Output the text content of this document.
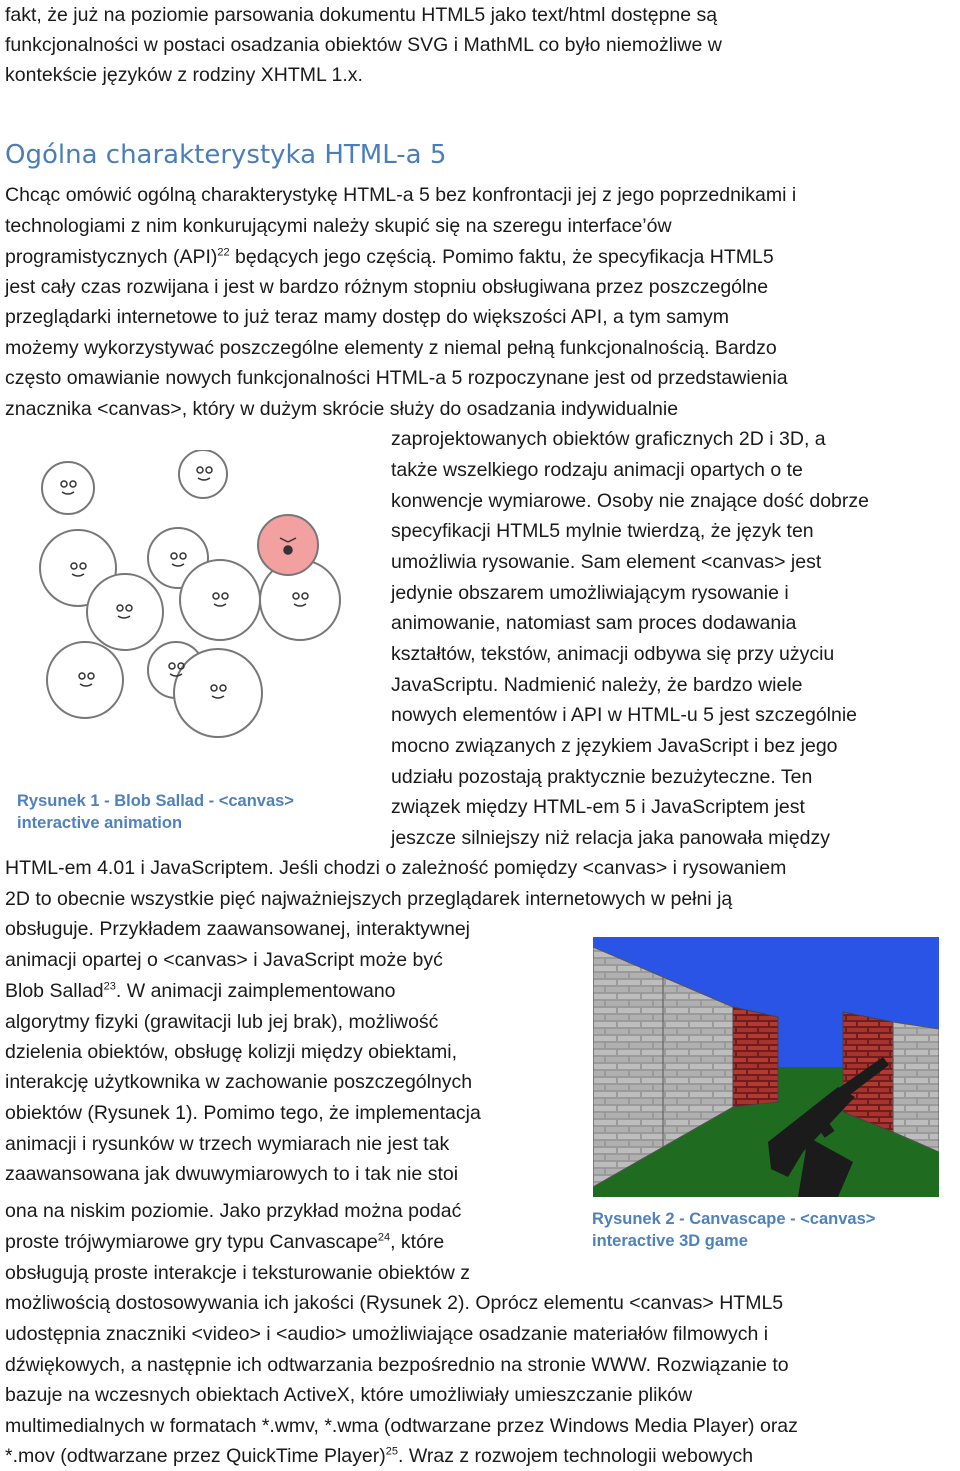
fakt, że już na poziomie parsowania dokumentu HTML5 jako text/html dostępne są
funkcjonalności w postaci osadzania obiektów SVG i MathML co było niemożliwe w
kontekście języków z rodziny XHTML 1.x.
Ogólna charakterystyka HTML-a 5
Chcąc omówić ogólną charakterystykę HTML-a 5 bez konfrontacji jej z jego poprzednikami i
technologiami z nim konkurującymi należy skupić się na szeregu interface’ów
programistycznych (API)$^{22}$ będących jego częścią. Pomimo faktu, że specyfikacja HTML5
jest cały czas rozwijana i jest w bardzo różnym stopniu obsługiwana przez poszczególne
przeglądarki internetowe to już teraz mamy dostęp do większości API, a tym samym
możemy wykorzystywać poszczególne elementy z niemal pełną funkcjonalnością. Bardzo
często omawianie nowych funkcjonalności HTML-a 5 rozpoczynane jest od przedstawienia
znacznika <canvas>, który w dużym skrócie służy do osadzania indywidualnie
zaprojektowanych obiektów graficznych 2D i 3D, a
także wszelkiego rodzaju animacji opartych o te
konwencje wymiarowe. Osoby nie znające dość dobrze
specyfikacji HTML5 mylnie twierdzą, że język ten
umożliwia rysowanie. Sam element <canvas> jest
jedynie obszarem umożliwiającym rysowanie i
animowanie, natomiast sam proces dodawania
kształtów, tekstów, animacji odbywa się przy użyciu
JavaScriptu. Nadmienić należy, że bardzo wiele
nowych elementów i API w HTML-u 5 jest szczególnie
mocno związanych z językiem JavaScript i bez jego
udziału pozostają praktycznie bezużyteczne. Ten
związek między HTML-em 5 i JavaScriptem jest
jeszcze silniejszy niż relacja jaka panowała między
Rysunek 1 - Blob Sallad - <canvas>
interactive animation
HTML-em 4.01 i JavaScriptem. Jeśli chodzi o zależność pomiędzy <canvas> i rysowaniem
2D to obecnie wszystkie pięć najważniejszych przeglądarek internetowych w pełni ją
obsługuje. Przykładem zaawansowanej, interaktywnej
animacji opartej o <canvas> i JavaScript może być
Blob Sallad$^{23}$. W animacji zaimplementowano
algorytmy fizyki (grawitacji lub jej brak), możliwość
dzielenia obiektów, obsługę kolizji między obiektami,
interakcję użytkownika w zachowanie poszczególnych
obiektów (Rysunek 1). Pomimo tego, że implementacja
animacji i rysunków w trzech wymiarach nie jest tak
zaawansowana jak dwuwymiarowych to i tak nie stoi
ona na niskim poziomie. Jako przykład można podać
proste trójwymiarowe gry typu Canvascape$^{24}$, które
obsługują proste interakcje i teksturowanie obiektów z
możliwością dostosowywania ich jakości (Rysunek 2). Oprócz elementu <canvas> HTML5
udostępnia znaczniki <video> i <audio> umożliwiające osadzanie materiałów filmowych i
dźwiękowych, a następnie ich odtwarzania bezpośrednio na stronie WWW. Rozwiązanie to
bazuje na wczesnych obiektach ActiveX, które umożliwiały umieszczanie plików
multimedialnych w formatach *.wmv, *.wma (odtwarzane przez Windows Media Player) oraz
*.mov (odtwarzane przez QuickTime Player)$^{25}$. Wraz z rozwojem technologii webowych
Rysunek 2 - Canvascape - <canvas>
interactive 3D game
